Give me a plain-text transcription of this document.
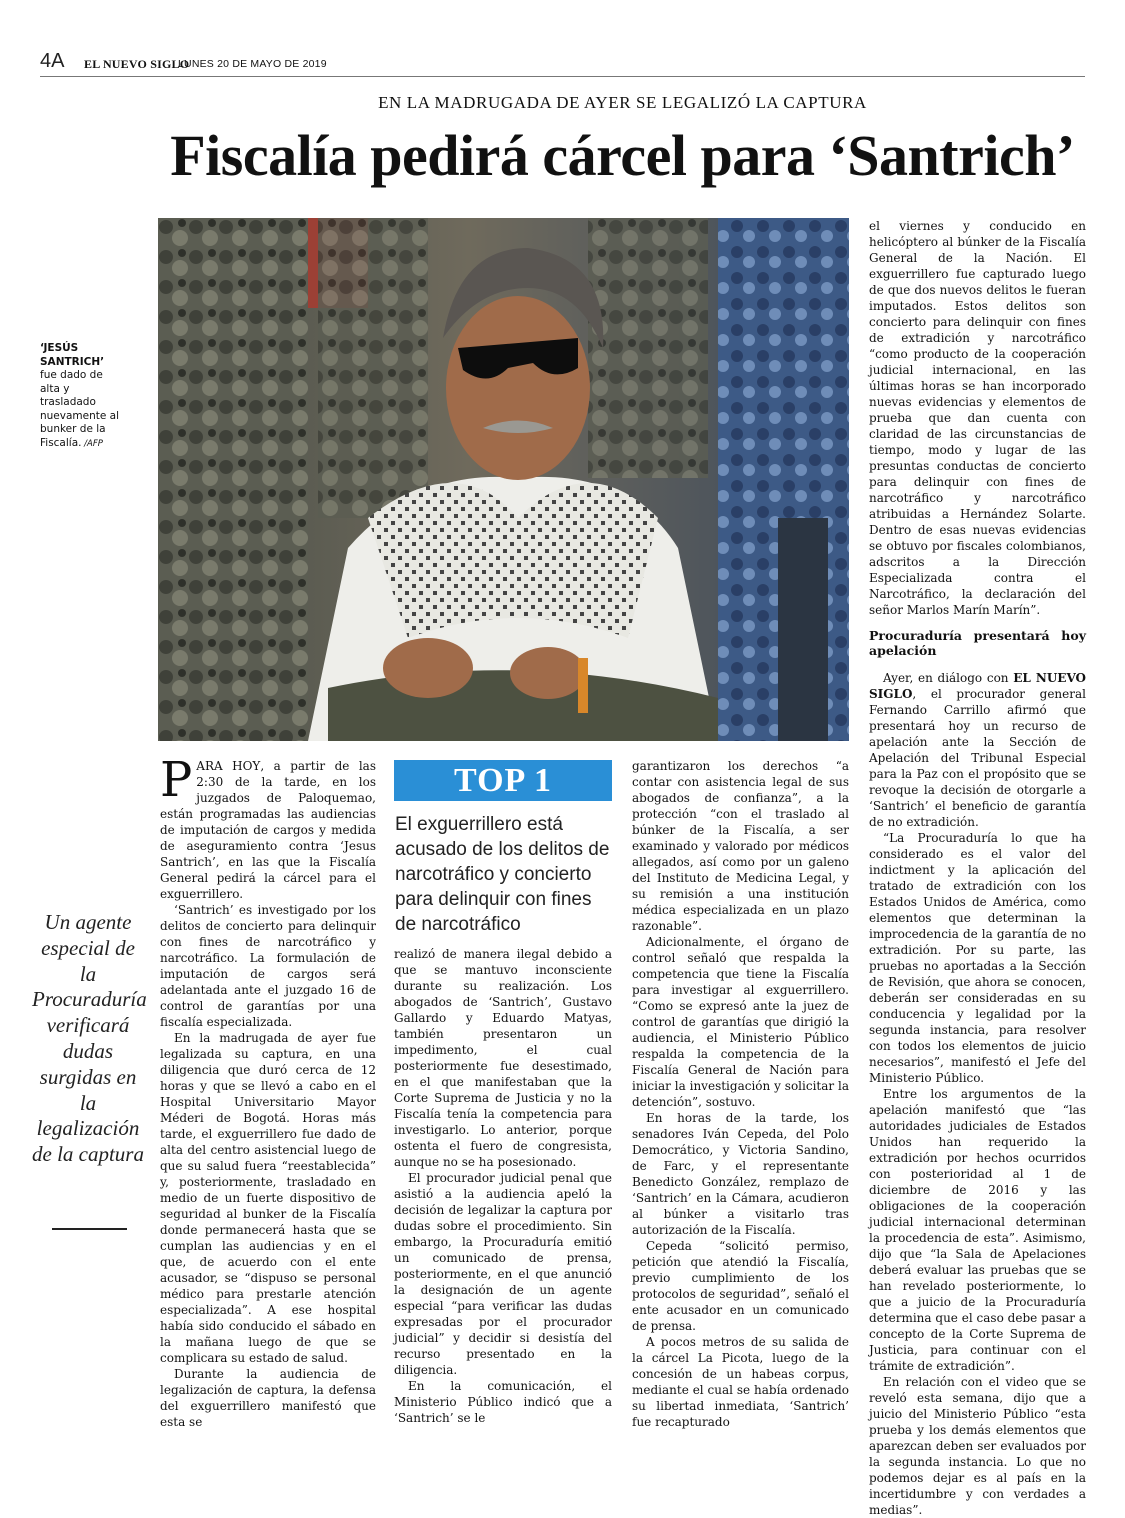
4A EL NUEVO SIGLO
LUNES 20 DE MAYO DE 2019
EN LA MADRUGADA DE AYER SE LEGALIZÓ LA CAPTURA
Fiscalía pedirá cárcel para ‘Santrich’
‘JESÚS SANTRICH’ fue dado de alta y trasladado nuevamente al bunker de la Fiscalía. /AFP
Un agente especial de la Procuraduría verificará dudas surgidas en la legalización de la captura

PARA HOY, a partir de las 2:30 de la tarde, en los juzgados de Paloquemao, están programadas las audiencias de imputación de cargos y medida de aseguramiento contra ‘Jesus Santrich’, en las que la Fiscalía General pedirá la cárcel para el exguerrillero.

‘Santrich’ es investigado por los delitos de concierto para delinquir con fines de narcotráfico y narcotráfico. La formulación de imputación de cargos será adelantada ante el juzgado 16 de control de garantías por una fiscalía especializada.

En la madrugada de ayer fue legalizada su captura, en una diligencia que duró cerca de 12 horas y que se llevó a cabo en el Hospital Universitario Mayor Méderi de Bogotá. Horas más tarde, el exguerrillero fue dado de alta del centro asistencial luego de que su salud fuera “reestablecida” y, posteriormente, trasladado en medio de un fuerte dispositivo de seguridad al bunker de la Fiscalía donde permanecerá hasta que se cumplan las audiencias y en el que, de acuerdo con el ente acusador, se “dispuso se personal médico para prestarle atención especializada”. A ese hospital había sido conducido el sábado en la mañana luego de que se complicara su estado de salud.

Durante la audiencia de legalización de captura, la defensa del exguerrillero manifestó que esta se

TOP 1
El exguerrillero está acusado de los delitos de narcotráfico y concierto para delinquir con fines de narcotráfico

realizó de manera ilegal debido a que se mantuvo inconsciente durante su realización. Los abogados de ‘Santrich’, Gustavo Gallardo y Eduardo Matyas, también presentaron un impedimento, el cual posteriormente fue desestimado, en el que manifestaban que la Corte Suprema de Justicia y no la Fiscalía tenía la competencia para investigarlo. Lo anterior, porque ostenta el fuero de congresista, aunque no se ha posesionado.

El procurador judicial penal que asistió a la audiencia apeló la decisión de legalizar la captura por dudas sobre el procedimiento. Sin embargo, la Procuraduría emitió un comunicado de prensa, posteriormente, en el que anunció la designación de un agente especial “para verificar las dudas expresadas por el procurador judicial” y decidir si desistía del recurso presentado en la diligencia.

En la comunicación, el Ministerio Público indicó que a ‘Santrich’ se le

garantizaron los derechos “a contar con asistencia legal de sus abogados de confianza”, a la protección “con el traslado al búnker de la Fiscalía, a ser examinado y valorado por médicos allegados, así como por un galeno del Instituto de Medicina Legal, y su remisión a una institución médica especializada en un plazo razonable”.

Adicionalmente, el órgano de control señaló que respalda la competencia que tiene la Fiscalía para investigar al exguerrillero. “Como se expresó ante la juez de control de garantías que dirigió la audiencia, el Ministerio Público respalda la competencia de la Fiscalía General de Nación para iniciar la investigación y solicitar la detención”, sostuvo.

En horas de la tarde, los senadores Iván Cepeda, del Polo Democrático, y Victoria Sandino, de Farc, y el representante Benedicto González, remplazo de ‘Santrich’ en la Cámara, acudieron al búnker a visitarlo tras autorización de la Fiscalía.

Cepeda “solicitó permiso, petición que atendió la Fiscalía, previo cumplimiento de los protocolos de seguridad”, señaló el ente acusador en un comunicado de prensa.

A pocos metros de su salida de la cárcel La Picota, luego de la concesión de un habeas corpus, mediante el cual se había ordenado su libertad inmediata, ‘Santrich’ fue recapturado

el viernes y conducido en helicóptero al búnker de la Fiscalía General de la Nación. El exguerrillero fue capturado luego de que dos nuevos delitos le fueran imputados. Estos delitos son concierto para delinquir con fines de extradición y narcotráfico “como producto de la cooperación judicial internacional, en las últimas horas se han incorporado nuevas evidencias y elementos de prueba que dan cuenta con claridad de las circunstancias de tiempo, modo y lugar de las presuntas conductas de concierto para delinquir con fines de narcotráfico y narcotráfico atribuidas a Hernández Solarte. Dentro de esas nuevas evidencias se obtuvo por fiscales colombianos, adscritos a la Dirección Especializada contra el Narcotráfico, la declaración del señor Marlos Marín Marín”.

Procuraduría presentará hoy apelación

Ayer, en diálogo con EL NUEVO SIGLO, el procurador general Fernando Carrillo afirmó que presentará hoy un recurso de apelación ante la Sección de Apelación del Tribunal Especial para la Paz con el propósito que se revoque la decisión de otorgarle a ‘Santrich’ el beneficio de garantía de no extradición.

“La Procuraduría lo que ha considerado es el valor del indictment y la aplicación del tratado de extradición con los Estados Unidos de América, como elementos que determinan la improcedencia de la garantía de no extradición. Por su parte, las pruebas no aportadas a la Sección de Revisión, que ahora se conocen, deberán ser consideradas en su conducencia y legalidad por la segunda instancia, para resolver con todos los elementos de juicio necesarios”, manifestó el Jefe del Ministerio Público.

Entre los argumentos de la apelación manifestó que “las autoridades judiciales de Estados Unidos han requerido la extradición por hechos ocurridos con posterioridad al 1 de diciembre de 2016 y las obligaciones de la cooperación judicial internacional determinan la procedencia de esta”. Asimismo, dijo que “la Sala de Apelaciones deberá evaluar las pruebas que se han revelado posteriormente, lo que a juicio de la Procuraduría determina que el caso debe pasar a concepto de la Corte Suprema de Justicia, para continuar con el trámite de extradición”.

En relación con el video que se reveló esta semana, dijo que a juicio del Ministerio Público “esta prueba y los demás elementos que aparezcan deben ser evaluados por la segunda instancia. Lo que no podemos dejar es al país en la incertidumbre y con verdades a medias”.
